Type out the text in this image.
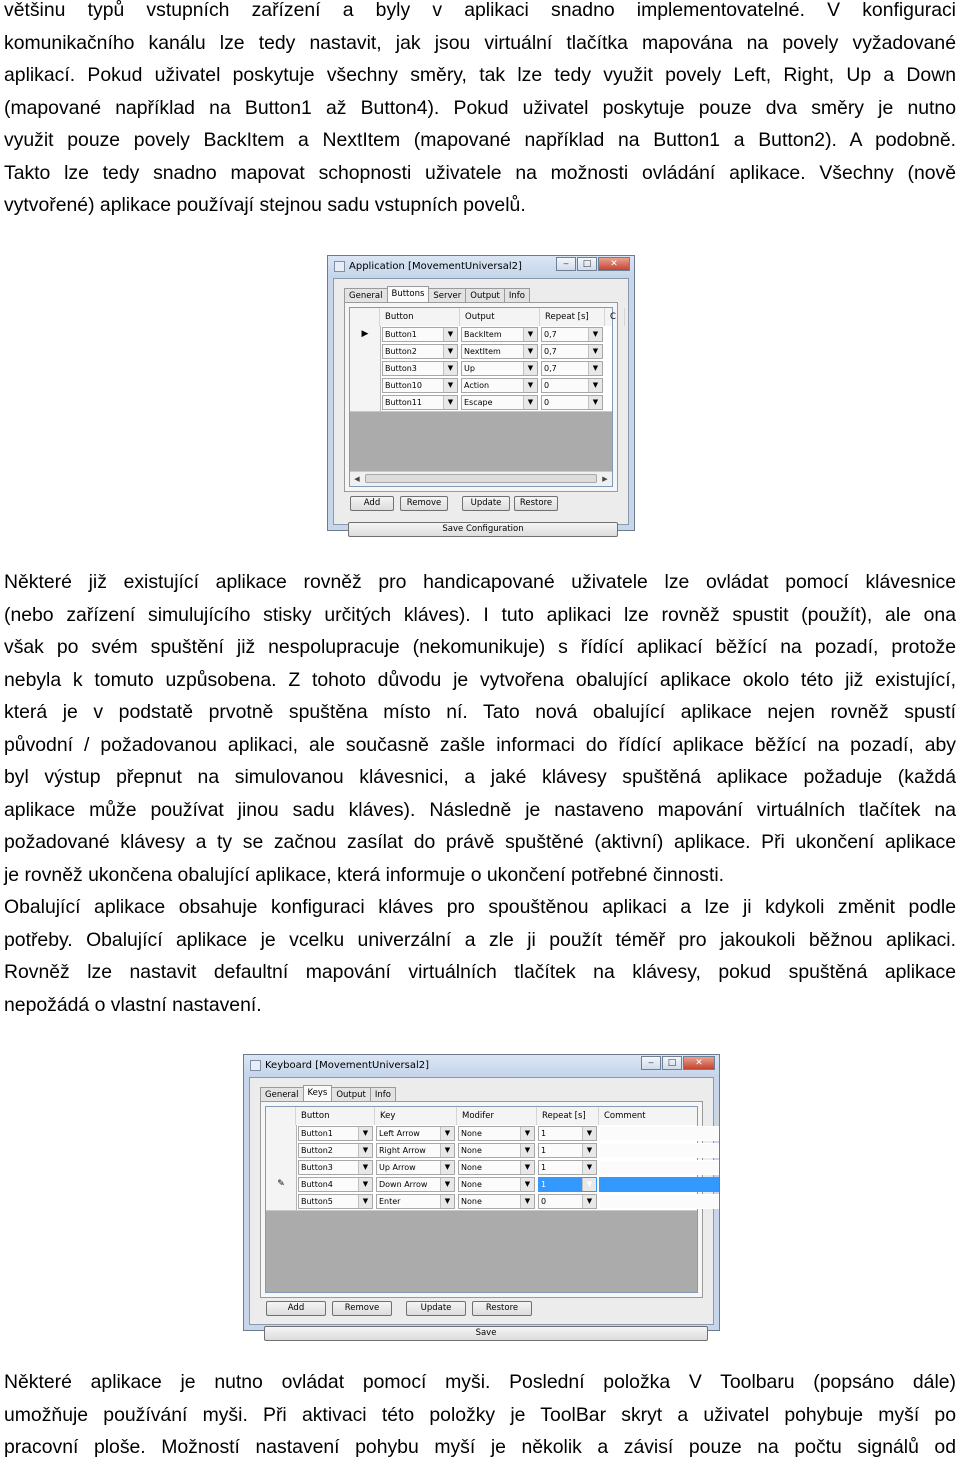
většinu typů vstupních zařízení a byly v aplikaci snadno implementovatelné. V konfiguraci
komunikačního kanálu lze tedy nastavit, jak jsou virtuální tlačítka mapována na povely vyžadované
aplikací. Pokud uživatel poskytuje všechny směry, tak lze tedy využit povely Left, Right, Up a Down
(mapované například na Button1 až Button4). Pokud uživatel poskytuje pouze dva směry je nutno
využit pouze povely BackItem a NextItem (mapované například na Button1 a Button2). A podobně.
Takto lze tedy snadno mapovat schopnosti uživatele na možnosti ovládání aplikace. Všechny (nově
vytvořené) aplikace používají stejnou sadu vstupních povelů.
Application [MovementUniversal2]	‒	□	✕
General	Buttons	Server	Output	Info
Button	Output	Repeat [s]	C
◀	▶
▶	Button1	▼	BackItem	▼	0,7	▼
Button2	▼	NextItem	▼	0,7	▼
Button3	▼	Up	▼	0,7	▼
Button10	▼	Action	▼	0	▼
Button11	▼	Escape	▼	0	▼
Add	Remove	Update	Restore
Save Configuration
Některé již existující aplikace rovněž pro handicapované uživatele lze ovládat pomocí klávesnice
(nebo zařízení simulujícího stisky určitých kláves). I tuto aplikaci lze rovněž spustit (použít), ale ona
však po svém spuštění již nespolupracuje (nekomunikuje) s řídící aplikací běžící na pozadí, protože
nebyla k tomuto uzpůsobena. Z tohoto důvodu je vytvořena obalující aplikace okolo této již existující,
která je v podstatě prvotně spuštěna místo ní. Tato nová obalující aplikace nejen rovněž spustí
původní / požadovanou aplikaci, ale současně zašle informaci do řídící aplikace běžící na pozadí, aby
byl výstup přepnut na simulovanou klávesnici, a jaké klávesy spuštěná aplikace požaduje (každá
aplikace může používat jinou sadu kláves). Následně je nastaveno mapování virtuálních tlačítek na
požadované klávesy a ty se začnou zasílat do právě spuštěné (aktivní) aplikace. Při ukončení aplikace
je rovněž ukončena obalující aplikace, která informuje o ukončení potřebné činnosti.
Obalující aplikace obsahuje konfiguraci kláves pro spouštěnou aplikaci a lze ji kdykoli změnit podle
potřeby. Obalující aplikace je vcelku univerzální a zle ji použít téměř pro jakoukoli běžnou aplikaci.
Rovněž lze nastavit defaultní mapování virtuálních tlačítek na klávesy, pokud spuštěná aplikace
nepožádá o vlastní nastavení.
Keyboard [MovementUniversal2]	‒	□	✕
General	Keys	Output	Info
Button	Key	Modifer	Repeat [s]	Comment
Button1	▼	Left Arrow	▼	None	▼	1	▼
Button2	▼	Right Arrow	▼	None	▼	1	▼
Button3	▼	Up Arrow	▼	None	▼	1	▼
✎	Button4	▼	Down Arrow	▼	None	▼	1	▼
Button5	▼	Enter	▼	None	▼	0	▼
Add	Remove	Update	Restore
Save
Některé aplikace je nutno ovládat pomocí myši. Poslední položka V Toolbaru (popsáno dále)
umožňuje používání myši. Při aktivaci této položky je ToolBar skryt a uživatel pohybuje myší po
pracovní ploše. Možností nastavení pohybu myší je několik a závisí pouze na počtu signálů od
